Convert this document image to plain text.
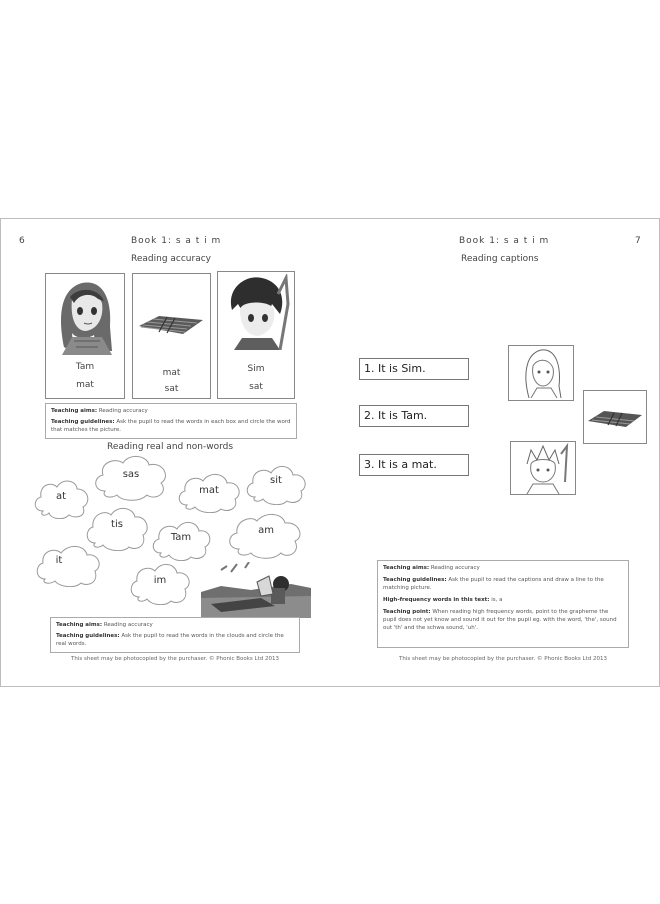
6	Book 1: s a t i m
Reading accuracy
Tam
mat
mat
sat
Sim
sat
Teaching aims: Reading accuracy
Teaching guidelines: Ask the pupil to read the words in each box and circle the word that matches the picture.
Reading real and non-words
sas
at
mat
sit
tis
Tam
am
it
im
Teaching aims: Reading accuracy
Teaching guidelines: Ask the pupil to read the words in the clouds and circle the real words.
This sheet may be photocopied by the purchaser. © Phonic Books Ltd 2013
Book 1: s a t i m	7
Reading captions
1. It is Sim.
2. It is Tam.
3. It is a mat.
Teaching aims: Reading accuracy
Teaching guidelines: Ask the pupil to read the captions and draw a line to the matching picture.
High-frequency words in this text: is, a
Teaching point: When reading high frequency words, point to the grapheme the pupil does not yet know and sound it out for the pupil eg. with the word, 'the', sound out 'th' and the schwa sound, 'uh'.
This sheet may be photocopied by the purchaser. © Phonic Books Ltd 2013
